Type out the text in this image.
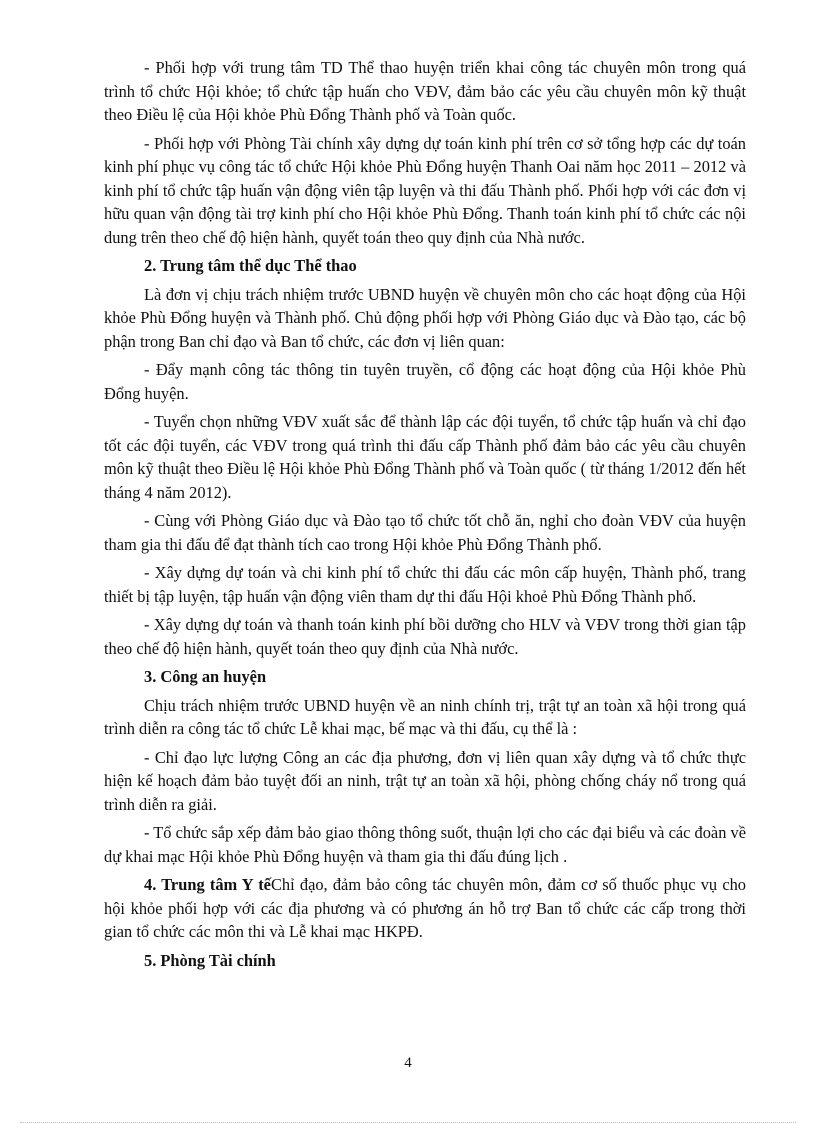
- Phối hợp với trung tâm TD Thể thao huyện triển khai công tác chuyên môn trong quá trình tổ chức Hội khỏe; tổ chức tập huấn cho VĐV, đảm bảo các yêu cầu chuyên môn kỹ thuật theo Điều lệ của Hội khỏe Phù Đổng Thành phố và Toàn quốc.

- Phối hợp với Phòng Tài chính xây dựng dự toán kinh phí trên cơ sở tổng hợp các dự toán kinh phí phục vụ công tác tổ chức Hội khỏe Phù Đổng huyện Thanh Oai năm học 2011 – 2012 và kinh phí tổ chức tập huấn vận động viên tập luyện và thi đấu Thành phố. Phối hợp với các đơn vị hữu quan vận động tài trợ kinh phí cho Hội khỏe Phù Đổng. Thanh toán kinh phí tổ chức các nội dung trên theo chế độ hiện hành, quyết toán theo quy định của Nhà nước.

2. Trung tâm thể dục Thể thao

Là đơn vị chịu trách nhiệm trước UBND huyện về chuyên môn cho các hoạt động của Hội khỏe Phù Đổng huyện và Thành phố. Chủ động phối hợp với Phòng Giáo dục và Đào tạo, các bộ phận trong Ban chỉ đạo và Ban tổ chức, các đơn vị liên quan:

- Đẩy mạnh công tác thông tin tuyên truyền, cổ động các hoạt động của Hội khỏe Phù Đổng huyện.

- Tuyển chọn những VĐV xuất sắc để thành lập các đội tuyển, tổ chức tập huấn và chỉ đạo tốt các đội tuyển, các VĐV trong quá trình thi đấu cấp Thành phố đảm bảo các yêu cầu chuyên môn kỹ thuật theo Điều lệ Hội khỏe Phù Đổng Thành phố và Toàn quốc ( từ tháng 1/2012 đến hết tháng 4 năm 2012).

- Cùng với Phòng Giáo dục và Đào tạo tổ chức tốt chỗ ăn, nghỉ cho đoàn VĐV của huyện tham gia thi đấu để đạt thành tích cao trong Hội khỏe Phù Đổng Thành phố.

- Xây dựng dự toán và chi kinh phí tổ chức thi đấu các môn cấp huyện, Thành phố, trang thiết bị tập luyện, tập huấn vận động viên tham dự thi đấu Hội khoẻ Phù Đổng Thành phố.

- Xây dựng dự toán và thanh toán kinh phí bồi dưỡng cho HLV và VĐV trong thời gian tập theo chế độ hiện hành, quyết toán theo quy định của Nhà nước.

3. Công an huyện

Chịu trách nhiệm trước UBND huyện về an ninh chính trị, trật tự an toàn xã hội trong quá trình diễn ra công tác tổ chức Lễ khai mạc, bế mạc và thi đấu, cụ thể là :

- Chỉ đạo lực lượng Công an các địa phương, đơn vị liên quan xây dựng và tổ chức thực hiện kế hoạch đảm bảo tuyệt đối an ninh, trật tự an toàn xã hội, phòng chống cháy nổ trong quá trình diễn ra giải.

- Tổ chức sắp xếp đảm bảo giao thông thông suốt, thuận lợi cho các đại biểu và các đoàn về dự khai mạc Hội khỏe Phù Đổng huyện và tham gia thi đấu đúng lịch .

4. Trung tâm Y tếChỉ đạo, đảm bảo công tác chuyên môn, đảm cơ số thuốc phục vụ cho hội khỏe phối hợp với các địa phương và có phương án hỗ trợ Ban tổ chức các cấp trong thời gian tổ chức các môn thi và Lễ khai mạc HKPĐ.

5. Phòng Tài chính
4
